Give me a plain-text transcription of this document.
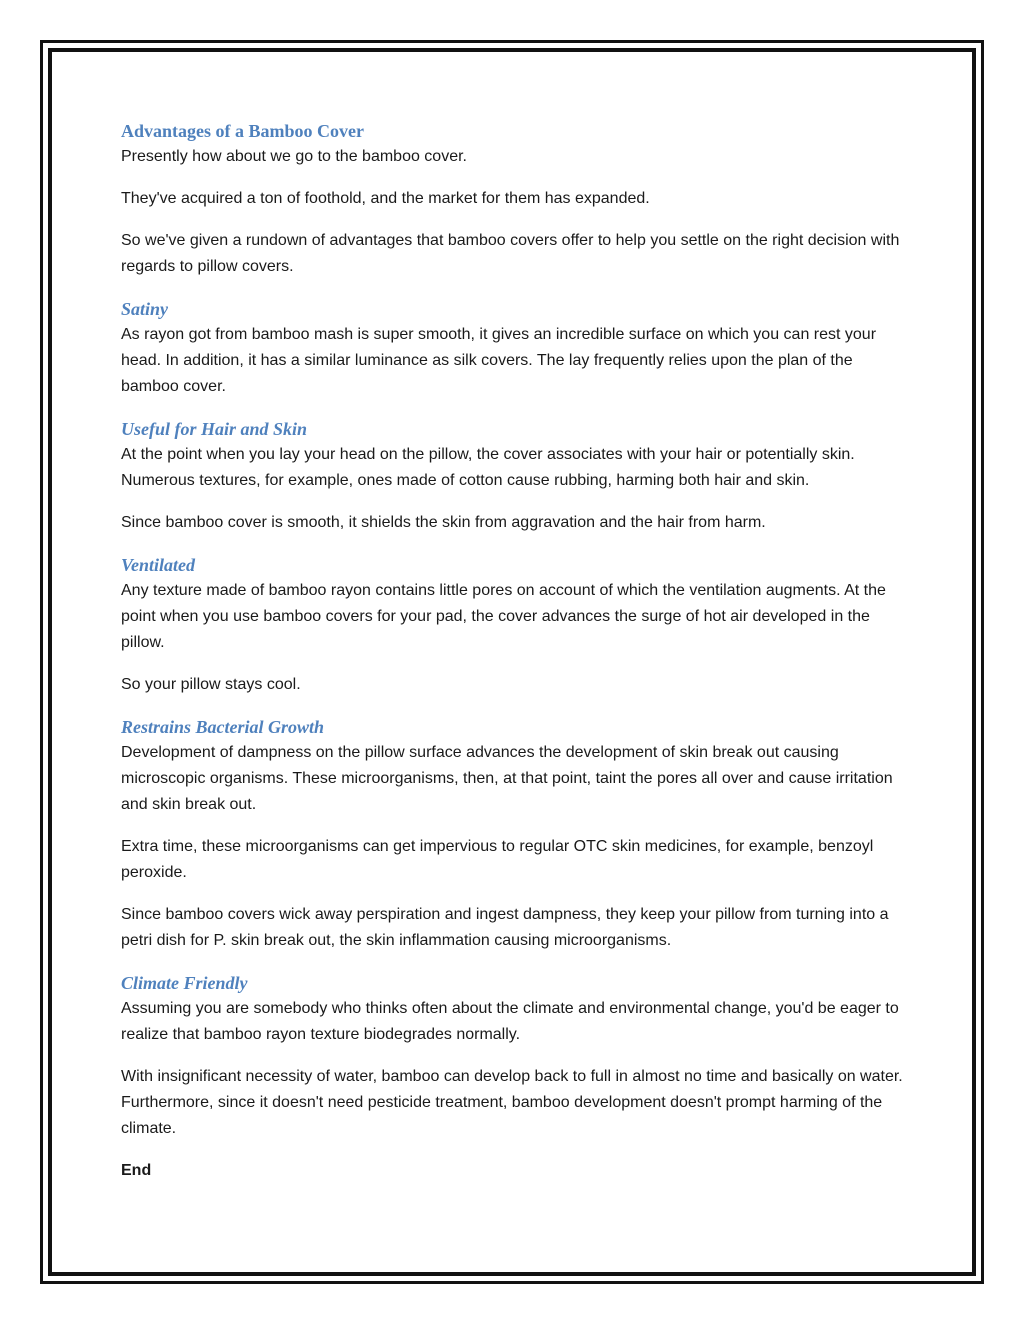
Advantages of a Bamboo Cover

Presently how about we go to the bamboo cover.

They've acquired a ton of foothold, and the market for them has expanded.

So we've given a rundown of advantages that bamboo covers offer to help you settle on the right decision with regards to pillow covers.

Satiny

As rayon got from bamboo mash is super smooth, it gives an incredible surface on which you can rest your head. In addition, it has a similar luminance as silk covers. The lay frequently relies upon the plan of the bamboo cover.

Useful for Hair and Skin

At the point when you lay your head on the pillow, the cover associates with your hair or potentially skin. Numerous textures, for example, ones made of cotton cause rubbing, harming both hair and skin.

Since bamboo cover is smooth, it shields the skin from aggravation and the hair from harm.

Ventilated

Any texture made of bamboo rayon contains little pores on account of which the ventilation augments. At the point when you use bamboo covers for your pad, the cover advances the surge of hot air developed in the pillow.

So your pillow stays cool.

Restrains Bacterial Growth

Development of dampness on the pillow surface advances the development of skin break out causing microscopic organisms. These microorganisms, then, at that point, taint the pores all over and cause irritation and skin break out.

Extra time, these microorganisms can get impervious to regular OTC skin medicines, for example, benzoyl peroxide.

Since bamboo covers wick away perspiration and ingest dampness, they keep your pillow from turning into a petri dish for P. skin break out, the skin inflammation causing microorganisms.

Climate Friendly

Assuming you are somebody who thinks often about the climate and environmental change, you'd be eager to realize that bamboo rayon texture biodegrades normally.

With insignificant necessity of water, bamboo can develop back to full in almost no time and basically on water. Furthermore, since it doesn't need pesticide treatment, bamboo development doesn't prompt harming of the climate.

End
